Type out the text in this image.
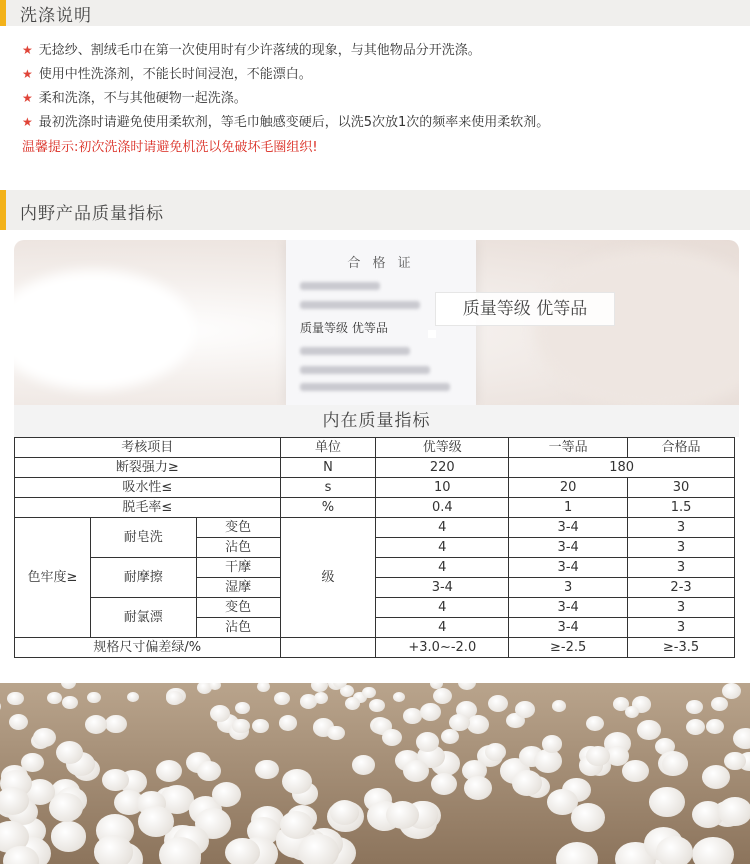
洗涤说明
★ 无捻纱、割绒毛巾在第一次使用时有少许落绒的现象，与其他物品分开洗涤。
★ 使用中性洗涤剂，不能长时间浸泡，不能漂白。
★ 柔和洗涤，不与其他硬物一起洗涤。
★ 最初洗涤时请避免使用柔软剂，等毛巾触感变硬后，以洗5次放1次的频率来使用柔软剂。
温馨提示:初次洗涤时请避免机洗以免破坏毛圈组织!
内野产品质量指标
合 格 证
质量等级 优等品
质量等级 优等品
内在质量指标
考核项目			单位	优等级	一等品	合格品
断裂强力≥			N	220	180	
吸水性≤			s	10	20	30
脱毛率≤			%	0.4	1	1.5
色牢度≥	耐皂洗	变色	级	4	3-4	3
		沾色		4	3-4	3
	耐摩擦	干摩		4	3-4	3
		湿摩		3-4	3	2-3
	耐氯漂	变色		4	3-4	3
		沾色		4	3-4	3
规格尺寸偏差绿/%				+3.0~-2.0	≥-2.5	≥-3.5
